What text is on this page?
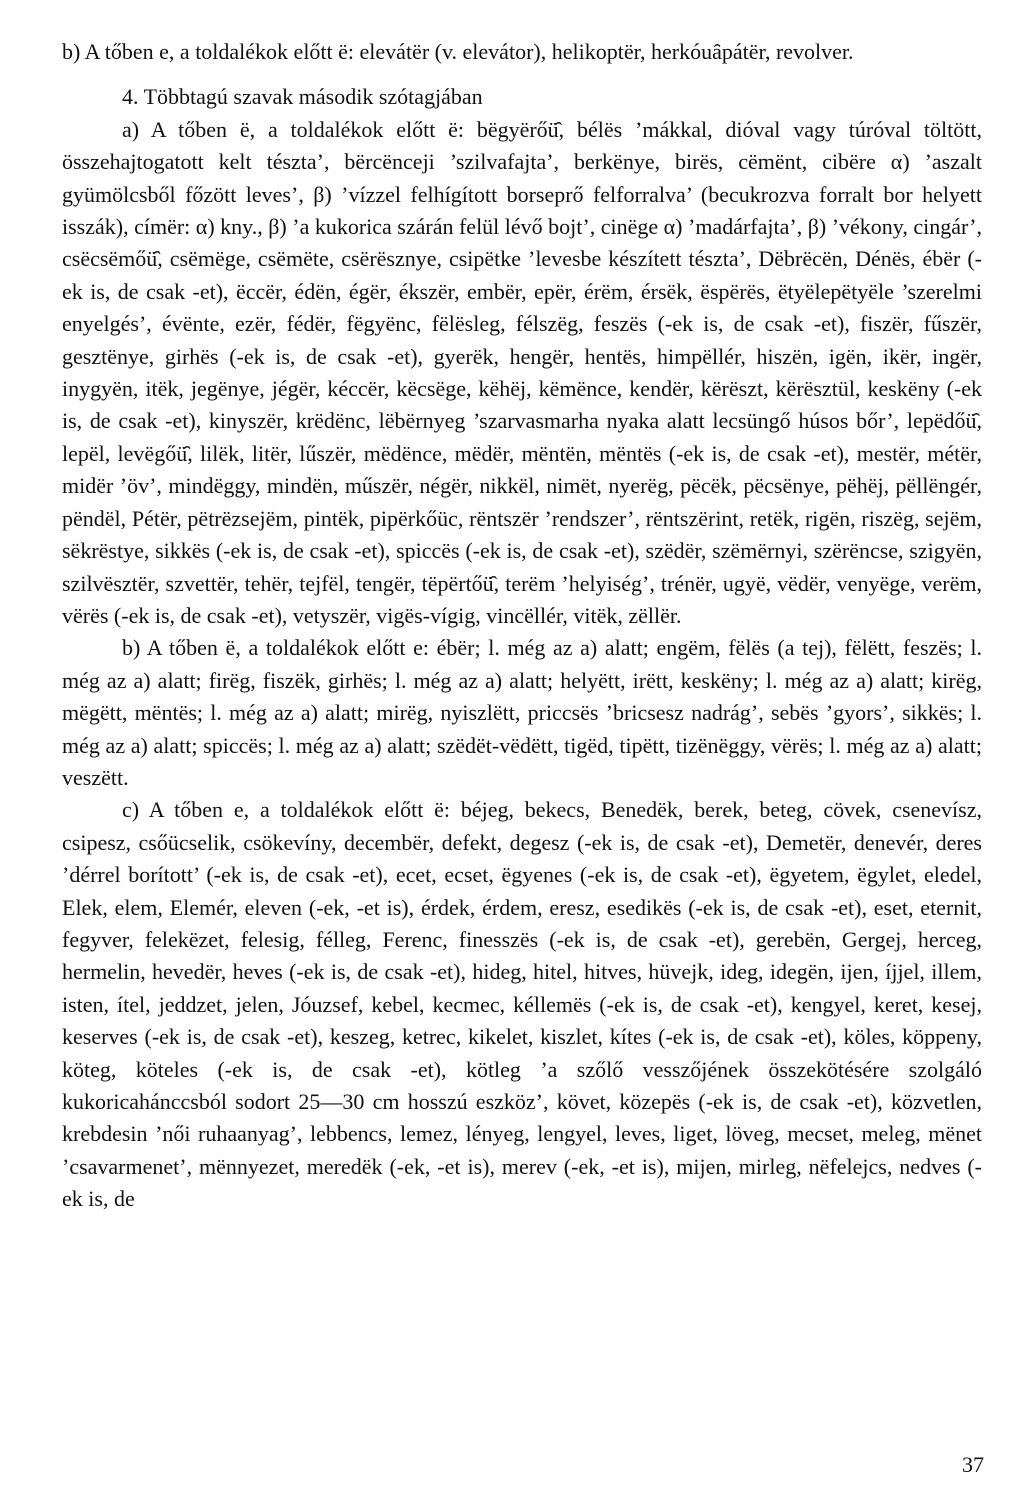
b) A tőben e, a toldalékok előtt ë: elevátër (v. elevátor), helikoptër, herkóuȃpátër, revolver.

4. Többtagú szavak második szótagjában

a) A tőben ë, a toldalékok előtt ë: bëgyërőü̑, bélës ’mákkal, dióval vagy túróval töltött, összehajtogatott kelt tészta’, bërcënceji ’szilvafajta’, berkënye, birës, cëmënt, cibëre α) ’aszalt gyümölcsből főzött leves’, β) ’vízzel felhígított borseprő felforralva’ (becukrozva forralt bor helyett isszák), címër: α) kny., β) ’a kukorica szárán felül lévő bojt’, cinëge α) ’madárfajta’, β) ’vékony, cingár’, csëcsëmőü̑, csëmëge, csëmëte, csërësznye, csipëtke ’levesbe készített tészta’, Dëbrëcën, Dénës, ébër (-ek is, de csak -et), ëccër, édën, égër, ékszër, embër, epër, érëm, érsëk, ëspërës, ëtyëlepëtyële ’szerelmi enyelgés’, évënte, ezër, fédër, fëgyënc, fëlësleg, félszëg, feszës (-ek is, de csak -et), fiszër, fűszër, gesztënye, girhës (-ek is, de csak -et), gyerëk, hengër, hentës, himpëllér, hiszën, igën, ikër, ingër, inygyën, itëk, jegënye, jégër, kéccër, këcsëge, këhëj, këmënce, kendër, kërëszt, kërësztül, keskëny (-ek is, de csak -et), kinyszër, krëdënc, lëbërnyeg ’szarvasmarha nyaka alatt lecsüngő húsos bőr’, lepëdőü̑, lepël, levëgőü̑, lilëk, litër, lűszër, mëdënce, mëdër, mëntën, mëntës (-ek is, de csak -et), mestër, métër, midër ’öv’, mindëggy, mindën, műszër, négër, nikkël, nimët, nyerëg, pëcëk, pëcsënye, pëhëj, pëllëngér, pëndël, Pétër, pëtrëzsejëm, pintëk, pipërkőüc, rëntszër ’rendszer’, rëntszërint, retëk, rigën, riszëg, sejëm, sëkrëstye, sikkës (-ek is, de csak -et), spiccës (-ek is, de csak -et), szëdër, szëmërnyi, szërëncse, szigyën, szilvësztër, szvettër, tehër, tejfël, tengër, tëpërtőü̑, terëm ’helyiség’, trénër, ugyë, vëdër, venyëge, verëm, vërës (-ek is, de csak -et), vetyszër, vigës-vígig, vincëllér, vitëk, zëllër.

b) A tőben ë, a toldalékok előtt e: ébër; l. még az a) alatt; engëm, fëlës (a tej), fëlëtt, feszës; l. még az a) alatt; firëg, fiszëk, girhës; l. még az a) alatt; helyëtt, irëtt, keskëny; l. még az a) alatt; kirëg, mëgëtt, mëntës; l. még az a) alatt; mirëg, nyiszlëtt, priccsës ’bricsesz nadrág’, sebës ’gyors’, sikkës; l. még az a) alatt; spiccës; l. még az a) alatt; szëdët-vëdëtt, tigëd, tipëtt, tizënëggy, vërës; l. még az a) alatt; veszëtt.

c) A tőben e, a toldalékok előtt ë: béjeg, bekecs, Benedëk, berek, beteg, cövek, csenevísz, csipesz, csőücselik, csökevíny, decembër, defekt, degesz (-ek is, de csak -et), Demetër, denevér, deres ’dérrel borított’ (-ek is, de csak -et), ecet, ecset, ëgyenes (-ek is, de csak -et), ëgyetem, ëgylet, eledel, Elek, elem, Elemér, eleven (-ek, -et is), érdek, érdem, eresz, esedikës (-ek is, de csak -et), eset, eternit, fegyver, felekëzet, felesig, félleg, Ferenc, finesszës (-ek is, de csak -et), gerebën, Gergej, herceg, hermelin, hevedër, heves (-ek is, de csak -et), hideg, hitel, hitves, hüvejk, ideg, idegën, ijen, íjjel, illem, isten, ítel, jeddzet, jelen, Jóuzsef, kebel, kecmec, kéllemës (-ek is, de csak -et), kengyel, keret, kesej, keserves (-ek is, de csak -et), keszeg, ketrec, kikelet, kiszlet, kítes (-ek is, de csak -et), köles, köppeny, köteg, köteles (-ek is, de csak -et), kötleg ’a szőlő vesszőjének összekötésére szolgáló kukoricahánccsból sodort 25—30 cm hosszú eszköz’, követ, közepës (-ek is, de csak -et), közvetlen, krebdesin ’női ruhaanyag’, lebbencs, lemez, lényeg, lengyel, leves, liget, löveg, mecset, meleg, mënet ’csavarmenet’, mënnyezet, meredëk (-ek, -et is), merev (-ek, -et is), mijen, mirleg, nëfelejcs, nedves (-ek is, de

37
